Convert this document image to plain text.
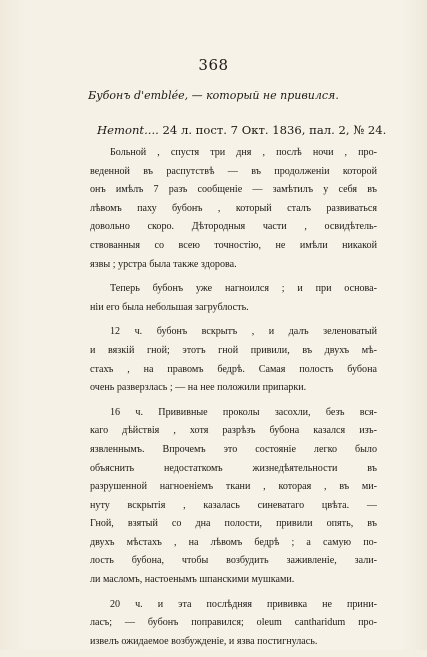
368
Бубонъ d'emblée, — который не привился.
Hemont.... 24 л. пост. 7 Окт. 1836, пал. 2, № 24.
Больной , спустя три дня , послѣ ночи , про-
веденной въ распутствѣ — въ продолженiи которой
онъ имѣлъ 7 разъ сообщенiе — замѣтилъ у себя въ
лѣвомъ паху бубонъ , который сталъ развиваться
довольно скоро. Дѣтородныя части , освидѣтель-
ствованныя со всею точностiю, не имѣли никакой
язвы ; урстра была также здорова.
Теперь бубонъ уже нагноился ; и при основа-
нiи его была небольшая загрублость.
12 ч. бубонъ вскрытъ , и далъ зеленоватый
и вязкiй гной; этотъ гной привили, въ двухъ мѣ-
стахъ , на правомъ бедрѣ. Самая полость бубона
очень разверзлась ; — на нее положили припарки.
16 ч. Прививные проколы засохли, безъ вся-
каго дѣйствiя , хотя разрѣзъ бубона казался изъ-
язвленнымъ. Впрочемъ это состоянiе легко было
объяснить недостаткомъ жизнедѣятельности въ
разрушенной нагноенiемъ ткани , которая , въ ми-
нуту вскрытiя , казалась синеватаго цвѣта. —
Гной, взятый со дна полости, привили опять, въ
двухъ мѣстахъ , на лѣвомъ бедрѣ ; а самую по-
лость бубона, чтобы возбудить заживленiе, зали-
ли масломъ, настоенымъ шпанскими мушками.
20 ч. и эта послѣдняя прививка не прини-
ласъ; — бубонъ поправился; oleum cantharidum про-
извелъ ожидаемое возбужденiе, и язва постигнулась.
